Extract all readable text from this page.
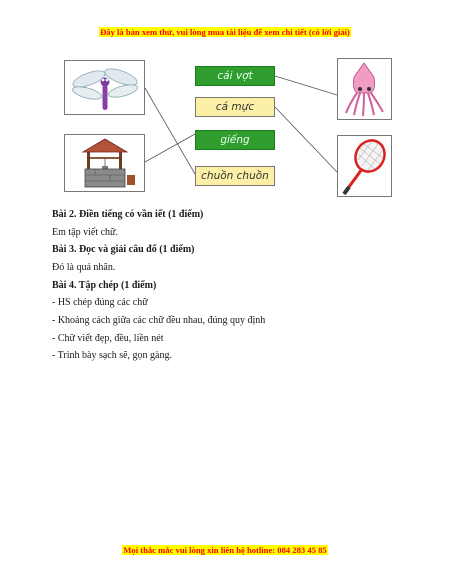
Đây là bản xem thử, vui lòng mua tài liệu để xem chi tiết (có lời giải)
cái vợt
cá mực
giếng
chuồn chuồn
Bài 2. Điền tiếng có vần iết (1 điểm)
Em tập viết chữ.
Bài 3. Đọc và giải câu đố (1 điểm)
Đó là quả nhãn.
Bài 4. Tập chép (1 điểm)
- HS chép đúng các chữ
- Khoảng cách giữa các chữ đều nhau, đúng quy định
- Chữ viết đẹp, đều, liền nét
- Trình bày sạch sẽ, gọn gàng.
Mọi thắc mắc vui lòng xin liên hệ hotline: 084 283 45 85
